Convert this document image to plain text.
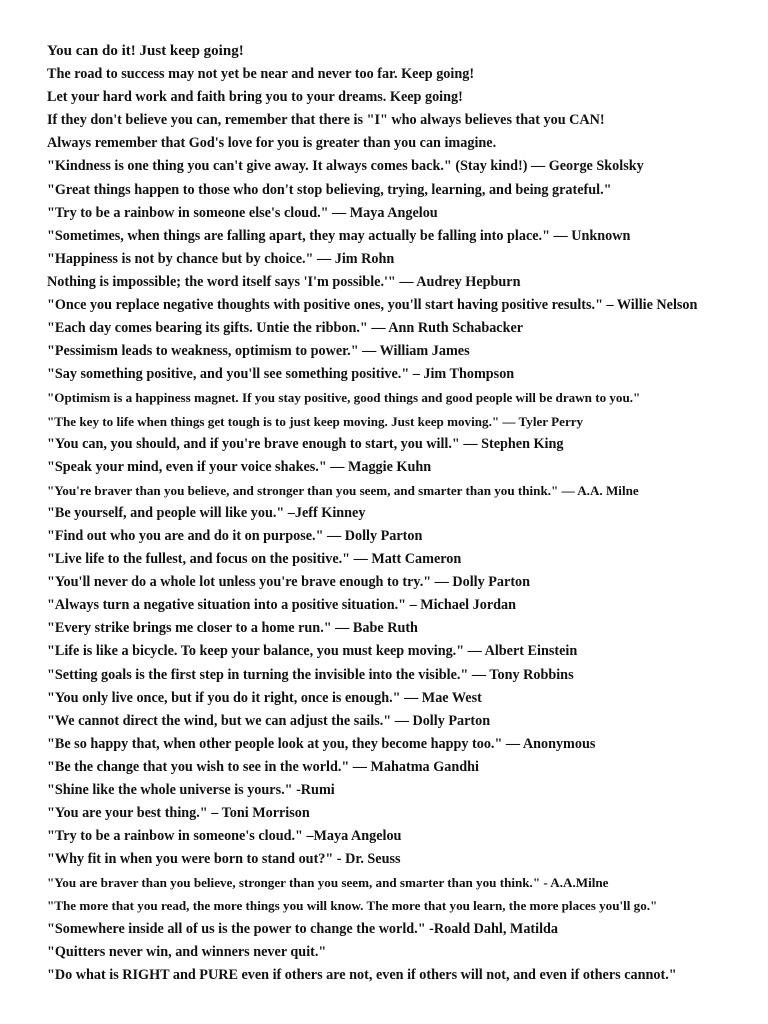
You can do it! Just keep going!
The road to success may not yet be near and never too far. Keep going!
Let your hard work and faith bring you to your dreams. Keep going!
If they don't believe you can, remember that there is "I" who always believes that you CAN!
Always remember that God's love for you is greater than you can imagine.
"Kindness is one thing you can't give away. It always comes back." (Stay kind!) — George Skolsky
"Great things happen to those who don't stop believing, trying, learning, and being grateful."
"Try to be a rainbow in someone else's cloud." — Maya Angelou
"Sometimes, when things are falling apart, they may actually be falling into place." — Unknown
"Happiness is not by chance but by choice." — Jim Rohn
Nothing is impossible; the word itself says 'I'm possible.'" — Audrey Hepburn
"Once you replace negative thoughts with positive ones, you'll start having positive results." – Willie Nelson
"Each day comes bearing its gifts. Untie the ribbon." — Ann Ruth Schabacker
"Pessimism leads to weakness, optimism to power." — William James
"Say something positive, and you'll see something positive." – Jim Thompson
"Optimism is a happiness magnet. If you stay positive, good things and good people will be drawn to you."
"The key to life when things get tough is to just keep moving. Just keep moving." — Tyler Perry
"You can, you should, and if you're brave enough to start, you will." — Stephen King
"Speak your mind, even if your voice shakes." — Maggie Kuhn
"You're braver than you believe, and stronger than you seem, and smarter than you think." — A.A. Milne
"Be yourself, and people will like you." –Jeff Kinney
"Find out who you are and do it on purpose." — Dolly Parton
"Live life to the fullest, and focus on the positive." — Matt Cameron
"You'll never do a whole lot unless you're brave enough to try." — Dolly Parton
"Always turn a negative situation into a positive situation." – Michael Jordan
"Every strike brings me closer to a home run." — Babe Ruth
"Life is like a bicycle. To keep your balance, you must keep moving." — Albert Einstein
"Setting goals is the first step in turning the invisible into the visible." — Tony Robbins
"You only live once, but if you do it right, once is enough." — Mae West
"We cannot direct the wind, but we can adjust the sails." — Dolly Parton
"Be so happy that, when other people look at you, they become happy too." — Anonymous
"Be the change that you wish to see in the world." — Mahatma Gandhi
"Shine like the whole universe is yours." -Rumi
"You are your best thing." – Toni Morrison
"Try to be a rainbow in someone's cloud." –Maya Angelou
"Why fit in when you were born to stand out?" - Dr. Seuss
"You are braver than you believe, stronger than you seem, and smarter than you think." - A.A.Milne
"The more that you read, the more things you will know. The more that you learn, the more places you'll go."
"Somewhere inside all of us is the power to change the world." -Roald Dahl, Matilda
"Quitters never win, and winners never quit."
"Do what is RIGHT and PURE even if others are not, even if others will not, and even if others cannot."
